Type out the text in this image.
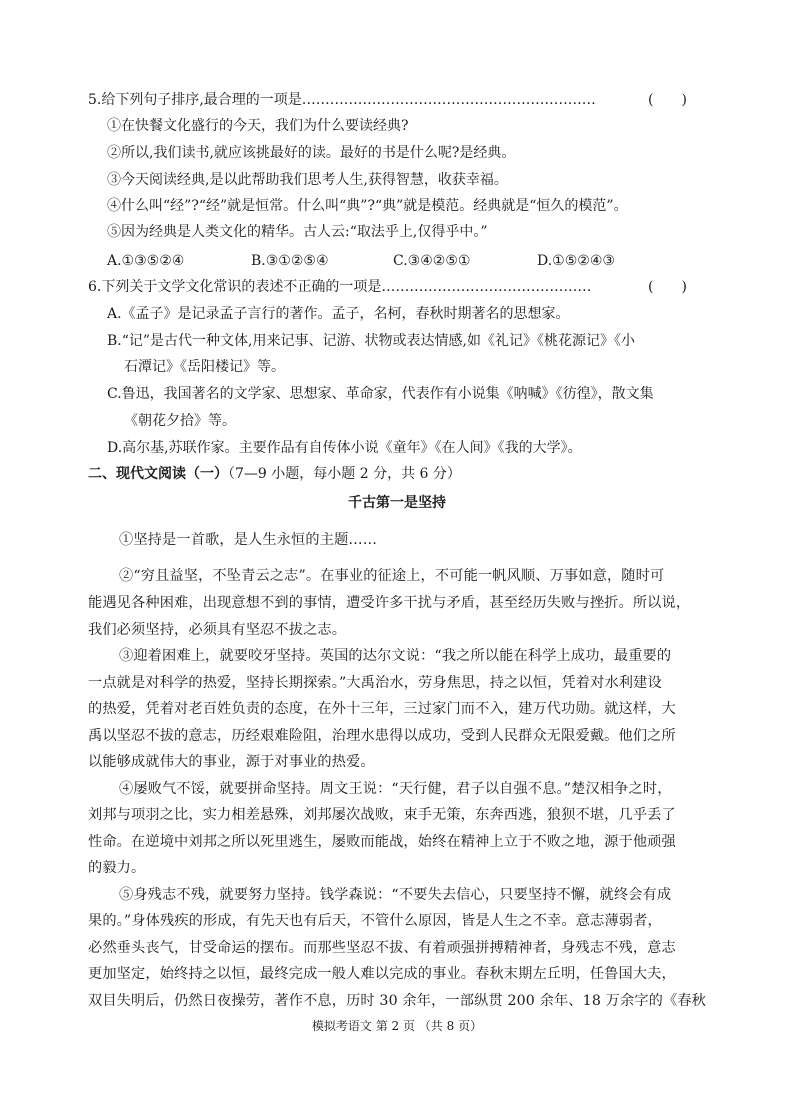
5.给下列句子排序,最合理的一项是………………………………………………………	(　　)
①在快餐文化盛行的今天，我们为什么要读经典?
②所以,我们读书,就应该挑最好的读。最好的书是什么呢?是经典。
③今天阅读经典,是以此帮助我们思考人生,获得智慧，收获幸福。
④什么叫“经”?“经”就是恒常。什么叫“典”?“典”就是模范。经典就是“恒久的模范”。
⑤因为经典是人类文化的精华。古人云:“取法乎上,仅得乎中。”
A.①③⑤②④	B.③①②⑤④	C.③④②⑤①	D.①⑤②④③
6.下列关于文学文化常识的表述不正确的一项是………………………………………	(　　)
A.《孟子》是记录孟子言行的著作。孟子，名柯，春秋时期著名的思想家。
B.“记”是古代一种文体,用来记事、记游、状物或表达情感,如《礼记》《桃花源记》《小
石潭记》《岳阳楼记》等。
C.鲁迅，我国著名的文学家、思想家、革命家，代表作有小说集《呐喊》《彷徨》，散文集
《朝花夕拾》等。
D.高尔基,苏联作家。主要作品有自传体小说《童年》《在人间》《我的大学》。
二、现代文阅读（一）（7—9 小题，每小题 2 分，共 6 分）
千古第一是坚持
①坚持是一首歌，是人生永恒的主题……
②“穷且益坚，不坠青云之志”。在事业的征途上，不可能一帆风顺、万事如意，随时可
能遇见各种困难，出现意想不到的事情，遭受许多干扰与矛盾，甚至经历失败与挫折。所以说，
我们必须坚持，必须具有坚忍不拔之志。
③迎着困难上，就要咬牙坚持。英国的达尔文说：“我之所以能在科学上成功，最重要的
一点就是对科学的热爱，坚持长期探索。”大禹治水，劳身焦思，持之以恒，凭着对水利建设
的热爱，凭着对老百姓负责的态度，在外十三年，三过家门而不入，建万代功勋。就这样，大
禹以坚忍不拔的意志，历经艰难险阻，治理水患得以成功，受到人民群众无限爱戴。他们之所
以能够成就伟大的事业，源于对事业的热爱。
④屡败气不馁，就要拼命坚持。周文王说：“天行健，君子以自强不息。”楚汉相争之时，
刘邦与项羽之比，实力相差悬殊，刘邦屡次战败，束手无策，东奔西逃，狼狈不堪，几乎丢了
性命。在逆境中刘邦之所以死里逃生，屡败而能战，始终在精神上立于不败之地，源于他顽强
的毅力。
⑤身残志不残，就要努力坚持。钱学森说：“不要失去信心，只要坚持不懈，就终会有成
果的。”身体残疾的形成，有先天也有后天，不管什么原因，皆是人生之不幸。意志薄弱者，
必然垂头丧气，甘受命运的摆布。而那些坚忍不拔、有着顽强拼搏精神者，身残志不残，意志
更加坚定，始终持之以恒，最终完成一般人难以完成的事业。春秋末期左丘明，任鲁国大夫，
双目失明后，仍然日夜操劳，著作不息，历时 30 余年，一部纵贯 200 余年、18 万余字的《春秋
模拟考语文 第 2 页 （共 8 页）
